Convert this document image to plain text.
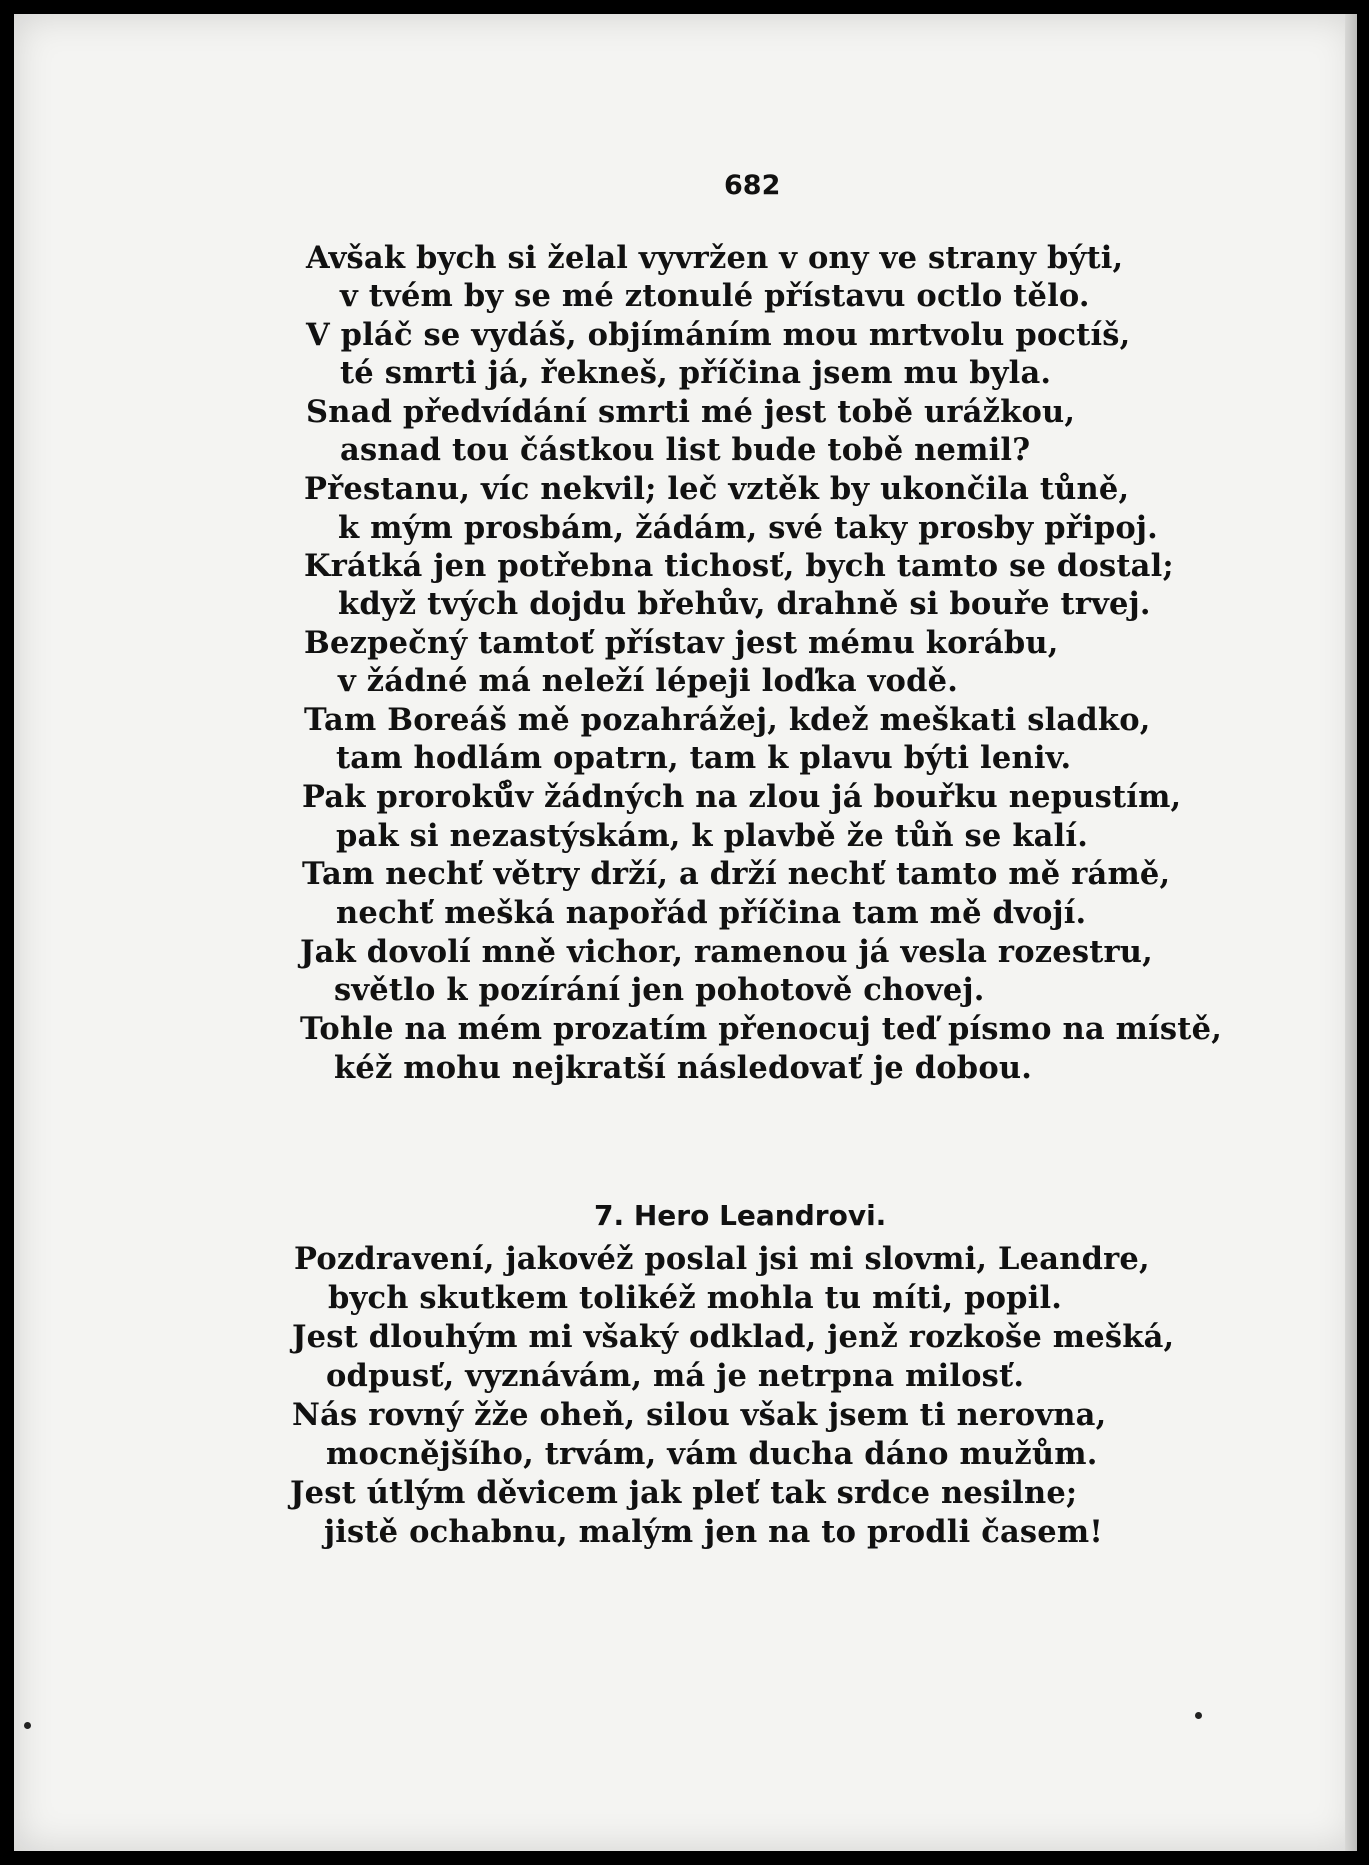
682
Avšak bych si želal vyvržen v ony ve strany býti,
v tvém by se mé ztonulé přístavu octlo tělo.
V pláč se vydáš, objímáním mou mrtvolu poctíš,
té smrti já, řekneš, příčina jsem mu byla.
Snad předvídání smrti mé jest tobě urážkou,
asnad tou částkou list bude tobě nemil?
Přestanu, víc nekvil; leč vztěk by ukončila tůně,
k mým prosbám, žádám, své taky prosby připoj.
Krátká jen potřebna tichosť, bych tamto se dostal;
když tvých dojdu břehův, drahně si bouře trvej.
Bezpečný tamtoť přístav jest mému korábu,
v žádné má neleží lépeji loďka vodě.
Tam Boreáš mě pozahrážej, kdež meškati sladko,
tam hodlám opatrn, tam k plavu býti leniv.
Pak proroků̊v žádných na zlou já bouřku nepustím,
pak si nezastýskám, k plavbě že tůň se kalí.
Tam nechť větry drží, a drží nechť tamto mě rámě,
nechť mešká napořád příčina tam mě dvojí.
Jak dovolí mně vichor, ramenou já vesla rozestru,
světlo k pozírání jen pohotově chovej.
Tohle na mém prozatím přenocuj teď písmo na místě,
kéž mohu nejkratší následovať je dobou.
7. Hero Leandrovi.
Pozdravení, jakovéž poslal jsi mi slovmi, Leandre,
bych skutkem tolikéž mohla tu míti, popil.
Jest dlouhým mi všaký odklad, jenž rozkoše mešká,
odpusť, vyznávám, má je netrpna milosť.
Nás rovný žže oheň, silou však jsem ti nerovna,
mocnějšího, trvám, vám ducha dáno mužům.
Jest útlým děvicem jak pleť tak srdce nesilne;
jistě ochabnu, malým jen na to prodli časem!
